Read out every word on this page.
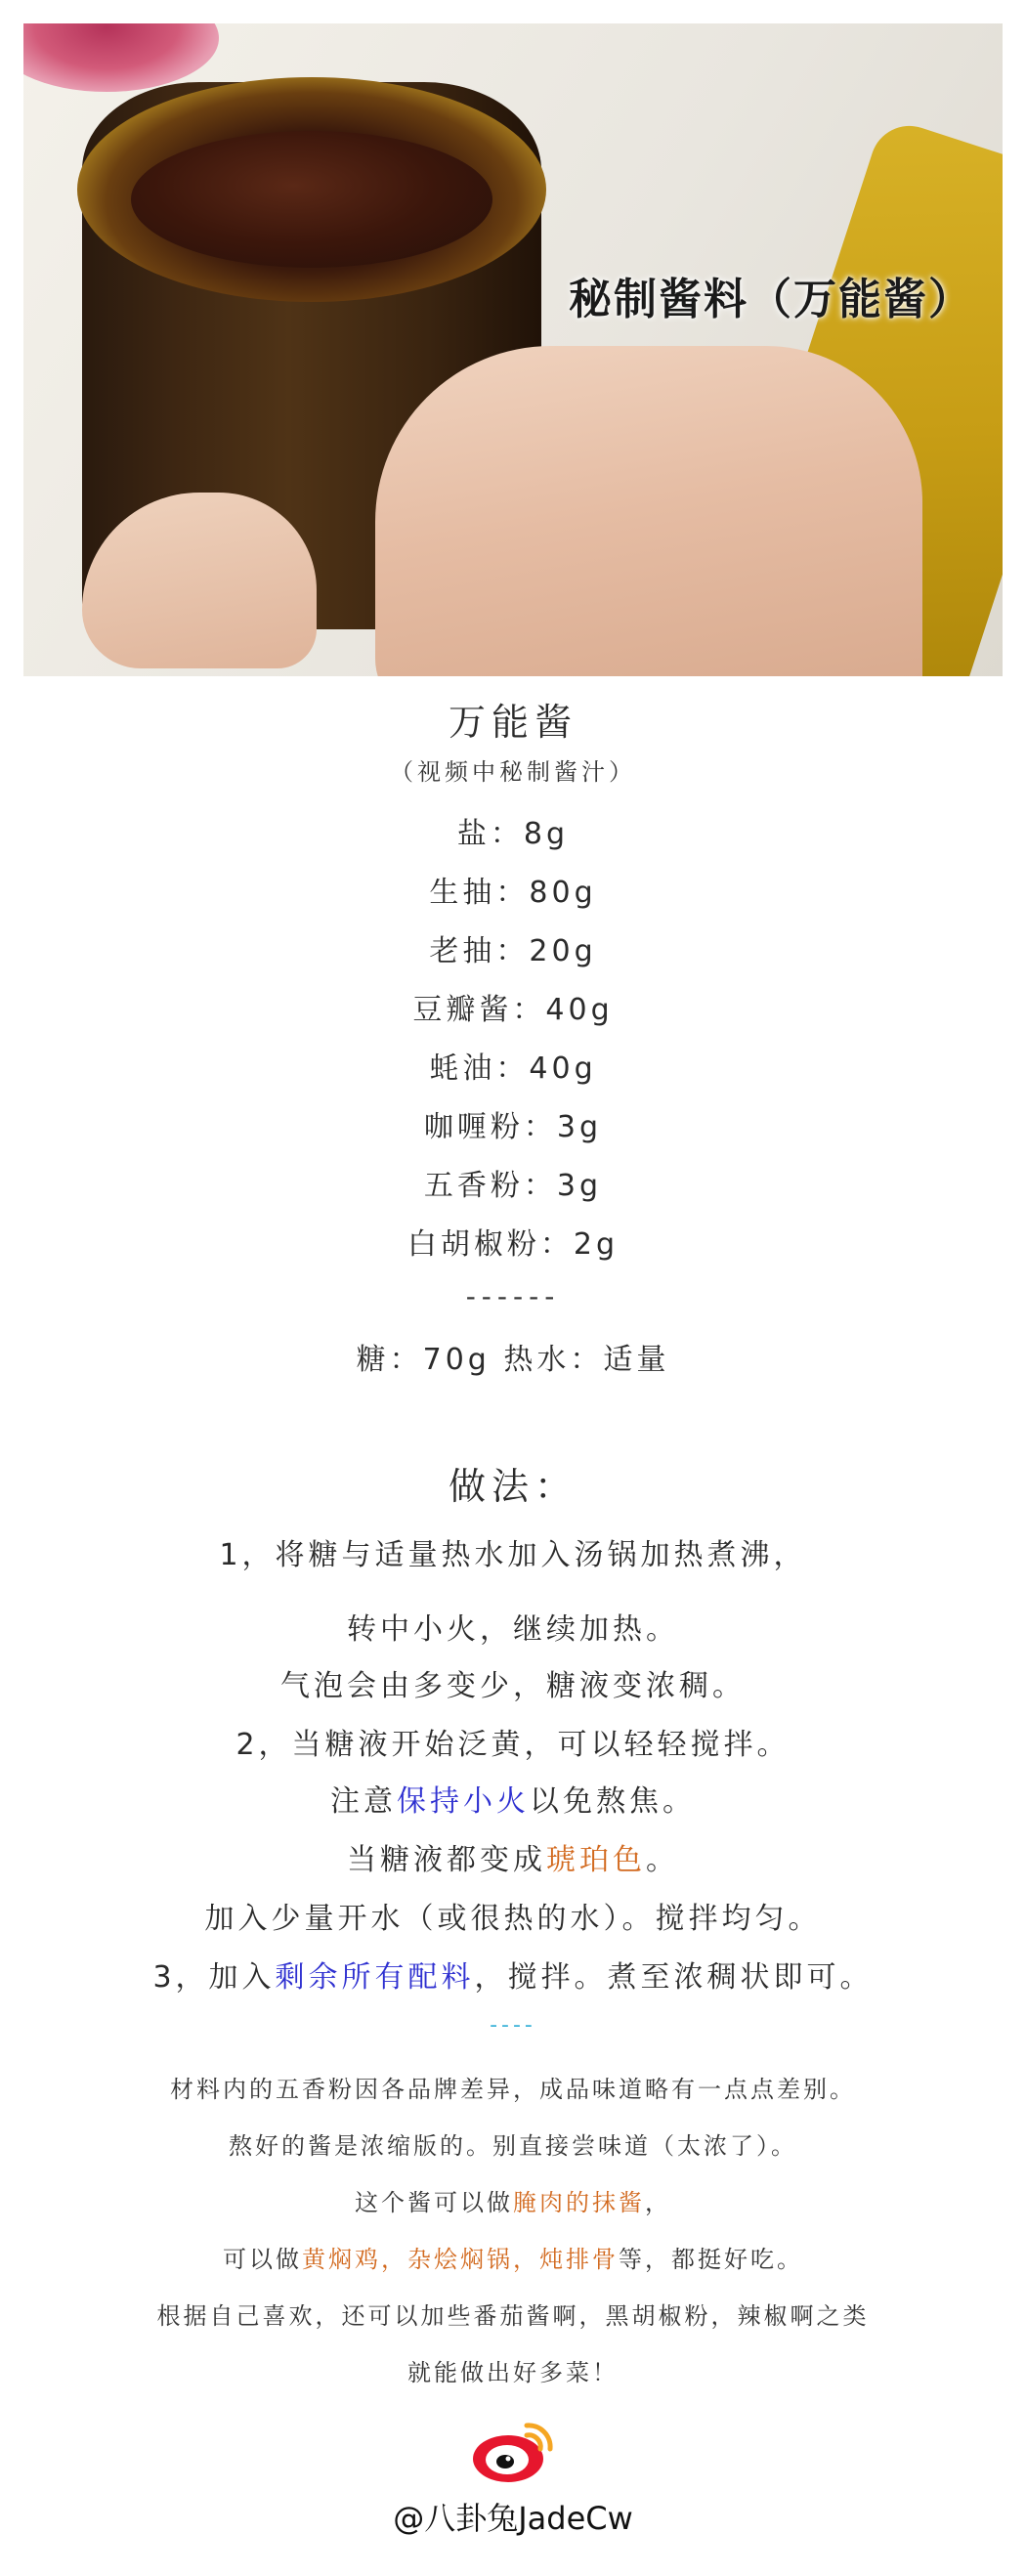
秘制酱料（万能酱）
万能酱
（视频中秘制酱汁）
盐：8g
生抽：80g
老抽：20g
豆瓣酱：40g
蚝油：40g
咖喱粉：3g
五香粉：3g
白胡椒粉：2g
------
糖：70g 热水：适量
做法：
1，将糖与适量热水加入汤锅加热煮沸，
转中小火，继续加热。
气泡会由多变少，糖液变浓稠。
2，当糖液开始泛黄，可以轻轻搅拌。
注意保持小火以免熬焦。
当糖液都变成琥珀色。
加入少量开水（或很热的水）。搅拌均匀。
3，加入剩余所有配料，搅拌。煮至浓稠状即可。
----
材料内的五香粉因各品牌差异，成品味道略有一点点差别。
熬好的酱是浓缩版的。别直接尝味道（太浓了）。
这个酱可以做腌肉的抹酱，
可以做黄焖鸡，杂烩焖锅，炖排骨等，都挺好吃。
根据自己喜欢，还可以加些番茄酱啊，黑胡椒粉，辣椒啊之类
就能做出好多菜！
@八卦兔JadeCw
